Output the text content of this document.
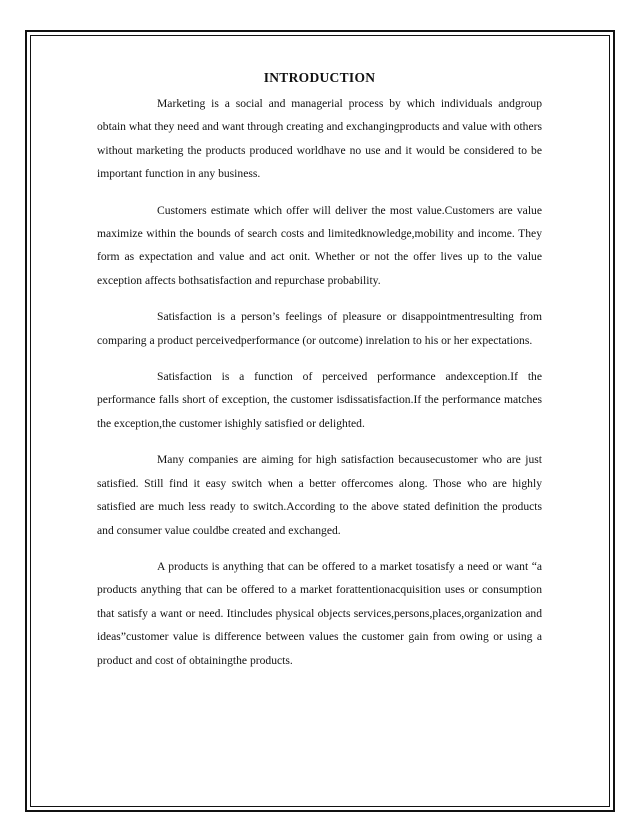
INTRODUCTION

Marketing is a social and managerial process by which individuals andgroup obtain what they need and want through creating and exchangingproducts and value with others without marketing the products produced worldhave no use and it would be considered to be important function in any business.

Customers estimate which offer will deliver the most value.Customers are value maximize within the bounds of search costs and limitedknowledge,mobility and income. They form as expectation and value and act onit. Whether or not the offer lives up to the value exception affects bothsatisfaction and repurchase probability.

Satisfaction is a person’s feelings of pleasure or disappointmentresulting from comparing a product perceivedperformance (or outcome) inrelation to his or her expectations.

Satisfaction is a function of perceived performance andexception.If the performance falls short of exception, the customer isdissatisfaction.If the performance matches the exception,the customer ishighly satisfied or delighted.

Many companies are aiming for high satisfaction becausecustomer who are just satisfied. Still find it easy switch when a better offercomes along. Those who are highly satisfied are much less ready to switch.According to the above stated definition the products and consumer value couldbe created and exchanged.

A products is anything that can be offered to a market tosatisfy a need or want “a products anything that can be offered to a market forattentionacquisition uses or consumption that satisfy a want or need. Itincludes physical objects services,persons,places,organization and ideas”customer value is difference between values the customer gain from owing or using a product and cost of obtainingthe products.
